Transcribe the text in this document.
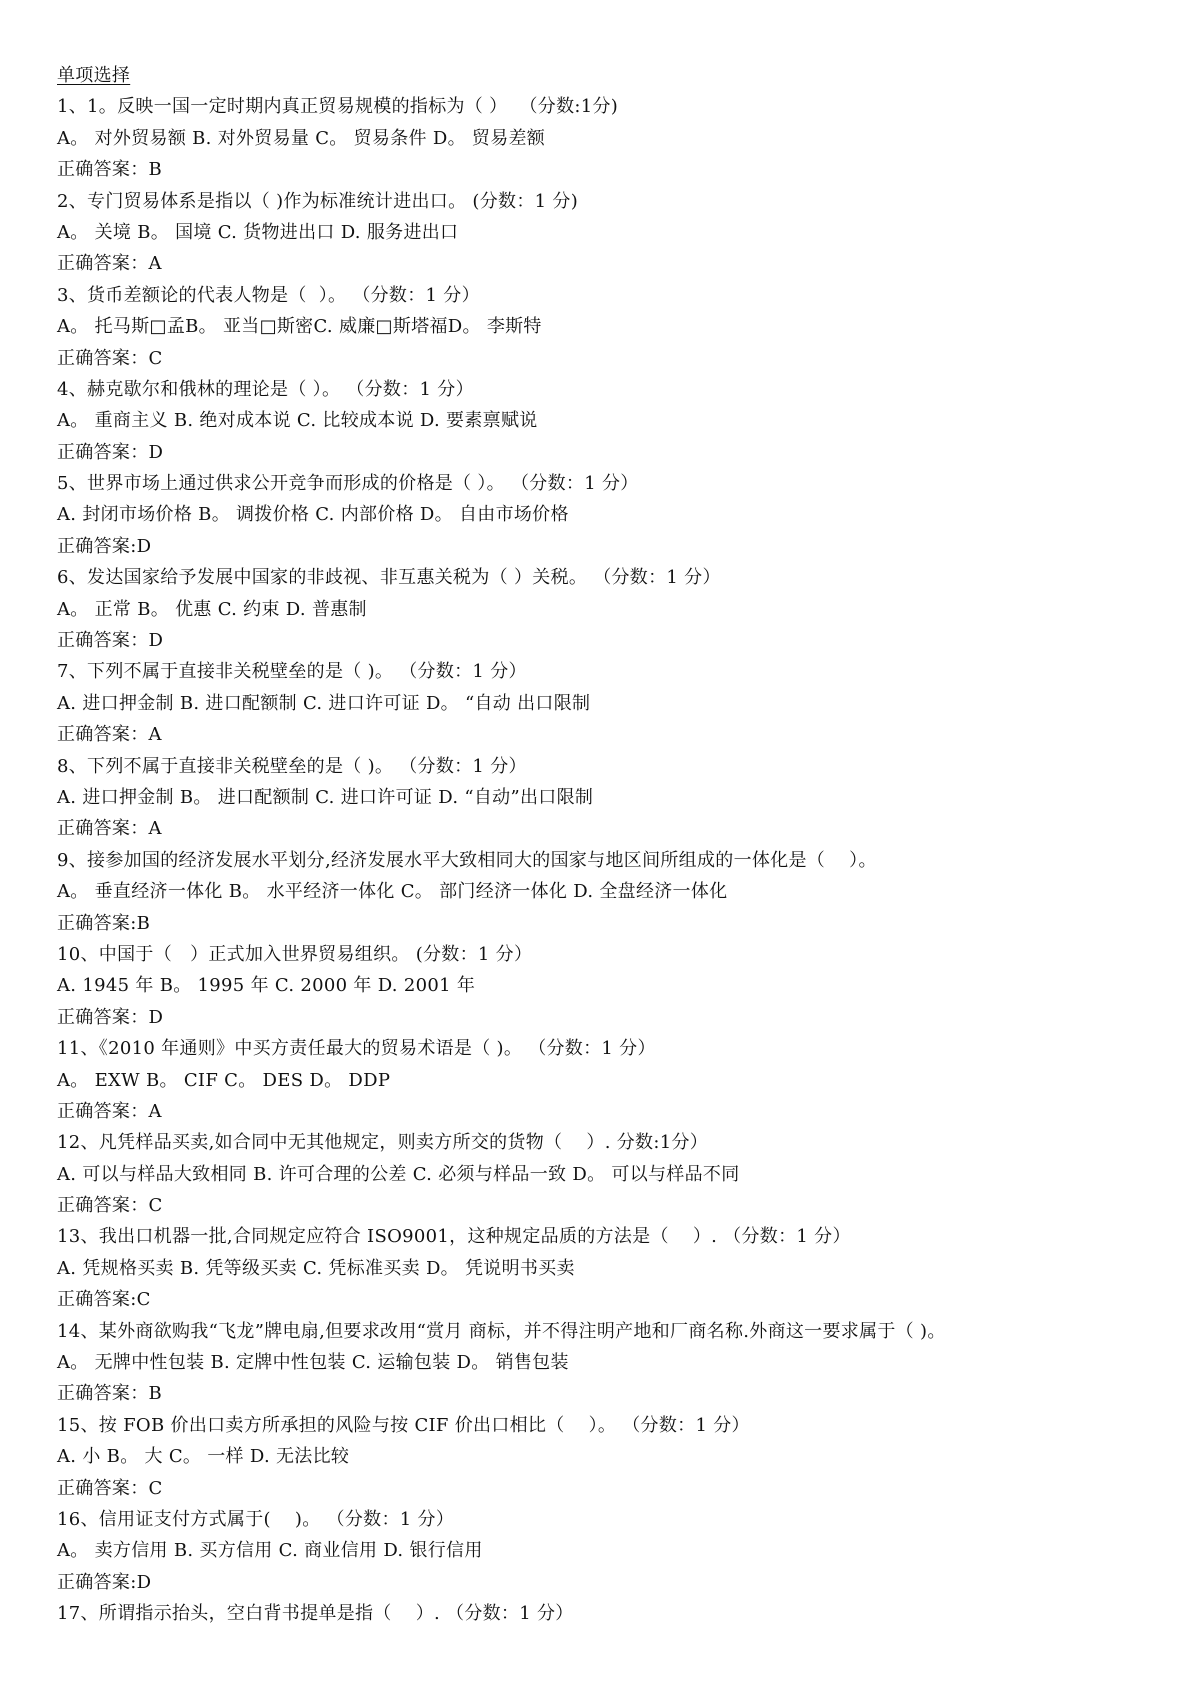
单项选择
1、1。反映一国一定时期内真正贸易规模的指标为（ ）  （分数:1分)
A。 对外贸易额 B. 对外贸易量 C。 贸易条件 D。 贸易差额
正确答案：B
2、专门贸易体系是指以（ )作为标准统计进出口。 (分数：1 分)
A。 关境 B。 国境 C. 货物进出口 D. 服务进出口
正确答案：A
3、货币差额论的代表人物是（  ）。 （分数：1 分）
A。 托马斯□孟B。 亚当□斯密C. 威廉□斯塔福D。 李斯特
正确答案：C
4、赫克歇尔和俄林的理论是（ ）。 （分数：1 分）
A。 重商主义 B. 绝对成本说 C. 比较成本说 D. 要素禀赋说
正确答案：D
5、世界市场上通过供求公开竞争而形成的价格是（ ）。 （分数：1 分）
A. 封闭市场价格 B。 调拨价格 C. 内部价格 D。 自由市场价格
正确答案:D
6、发达国家给予发展中国家的非歧视、非互惠关税为（ ）关税。 （分数：1 分）
A。 正常 B。 优惠 C. 约束 D. 普惠制
正确答案：D
7、下列不属于直接非关税壁垒的是（ )。 （分数：1 分）
A. 进口押金制 B. 进口配额制 C. 进口许可证 D。 “自动 出口限制
正确答案：A
8、下列不属于直接非关税壁垒的是（ )。 （分数：1 分）
A. 进口押金制 B。 进口配额制 C. 进口许可证 D. “自动”出口限制
正确答案：A
9、接参加国的经济发展水平划分,经济发展水平大致相同大的国家与地区间所组成的一体化是（    ）。
A。 垂直经济一体化 B。 水平经济一体化 C。 部门经济一体化 D. 全盘经济一体化
正确答案:B
10、中国于（   ）正式加入世界贸易组织。 (分数：1 分）
A. 1945 年 B。 1995 年 C. 2000 年 D. 2001 年
正确答案：D
11、《2010 年通则》中买方责任最大的贸易术语是（ )。 （分数：1 分）
A。 EXW B。 CIF C。 DES D。 DDP
正确答案：A
12、凡凭样品买卖,如合同中无其他规定，则卖方所交的货物（    ）. 分数:1分）
A. 可以与样品大致相同 B. 许可合理的公差 C. 必须与样品一致 D。 可以与样品不同
正确答案：C
13、我出口机器一批,合同规定应符合 ISO9001，这种规定品质的方法是（    ）. （分数：1 分）
A. 凭规格买卖 B. 凭等级买卖 C. 凭标准买卖 D。 凭说明书买卖
正确答案:C
14、某外商欲购我“飞龙”牌电扇,但要求改用“赏月 商标，并不得注明产地和厂商名称.外商这一要求属于（ )。
A。 无牌中性包装 B. 定牌中性包装 C. 运输包装 D。 销售包装
正确答案：B
15、按 FOB 价出口卖方所承担的风险与按 CIF 价出口相比（    ）。 （分数：1 分）
A. 小 B。 大 C。 一样 D. 无法比较
正确答案：C
16、信用证支付方式属于(    )。 （分数：1 分）
A。 卖方信用 B. 买方信用 C. 商业信用 D. 银行信用
正确答案:D
17、所谓指示抬头，空白背书提单是指（    ）. （分数：1 分）
